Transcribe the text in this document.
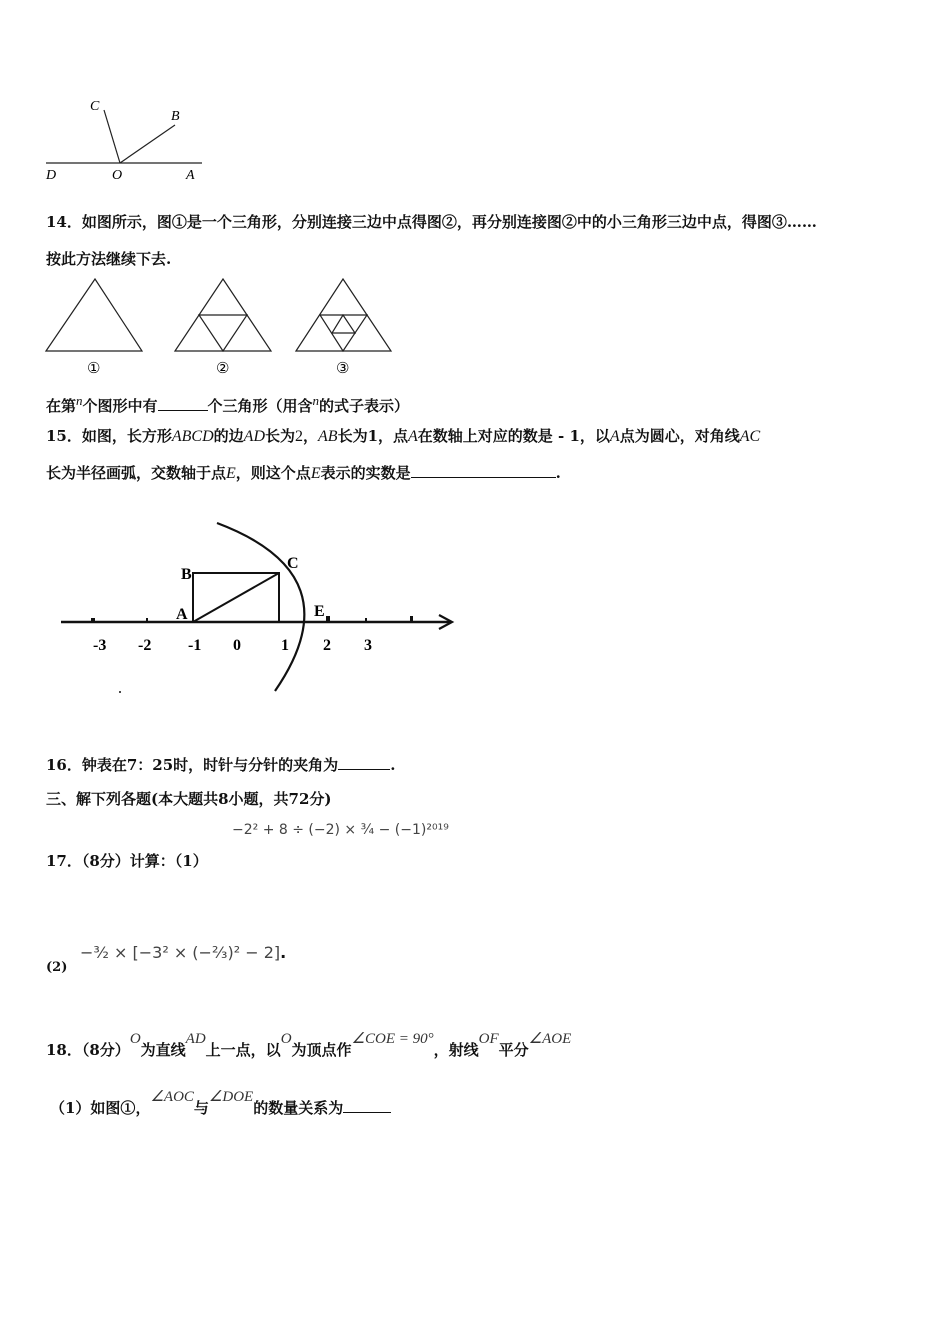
C
B
D	O	A
14．如图所示，图①是一个三角形，分别连接三边中点得图②，再分别连接图②中的小三角形三边中点，得图③……
按此方法继续下去.
①	②	③
在第$^n$个图形中有	个三角形（用含$^n$的式子表示）
15．如图，长方形ABCD的边AD长为2，AB长为1，点A在数轴上对应的数是 - 1，以A点为圆心，对角线AC
长为半径画弧，交数轴于点E，则这个点E表示的实数是	.
B
C
A	E
-3 -2 -1 0	1 2 3
16．钟表在7：25时，时针与分针的夹角为	.
三、解下列各题(本大题共8小题，共72分)
−2² + 8 ÷ (−2) × ¾ − (−1)²⁰¹⁹
17．（8分）计算：（1）
(2)
−³⁄₂ × [−3² × (−²⁄₃)² − 2].
18．（8分）O为直线AD上一点，以O为顶点作∠COE = 90°，射线OF平分∠AOE
（1）如图①，∠AOC与∠DOE的数量关系为
